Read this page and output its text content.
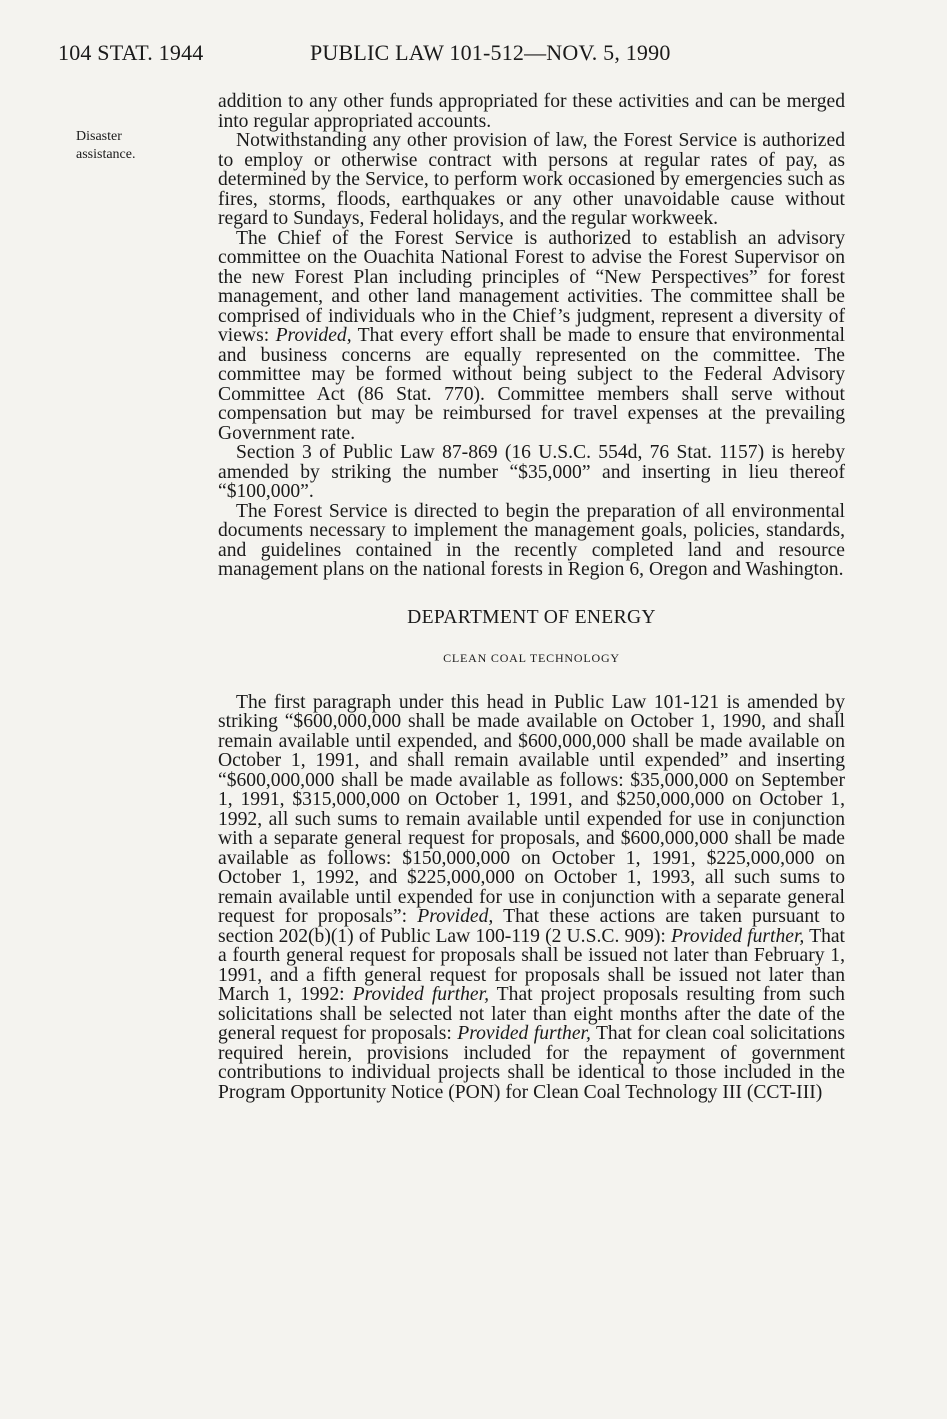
104 STAT. 1944	PUBLIC LAW 101-512—NOV. 5, 1990
Disaster
assistance.

addition to any other funds appropriated for these activities and can be merged into regular appropriated accounts.

Notwithstanding any other provision of law, the Forest Service is authorized to employ or otherwise contract with persons at regular rates of pay, as determined by the Service, to perform work occasioned by emergencies such as fires, storms, floods, earthquakes or any other unavoidable cause without regard to Sundays, Federal holidays, and the regular workweek.

The Chief of the Forest Service is authorized to establish an advisory committee on the Ouachita National Forest to advise the Forest Supervisor on the new Forest Plan including principles of “New Perspectives” for forest management, and other land management activities. The committee shall be comprised of individuals who in the Chief’s judgment, represent a diversity of views: Provided, That every effort shall be made to ensure that environmental and business concerns are equally represented on the committee. The committee may be formed without being subject to the Federal Advisory Committee Act (86 Stat. 770). Committee members shall serve without compensation but may be reimbursed for travel expenses at the prevailing Government rate.

Section 3 of Public Law 87-869 (16 U.S.C. 554d, 76 Stat. 1157) is hereby amended by striking the number “$35,000” and inserting in lieu thereof “$100,000”.

The Forest Service is directed to begin the preparation of all environmental documents necessary to implement the management goals, policies, standards, and guidelines contained in the recently completed land and resource management plans on the national forests in Region 6, Oregon and Washington.

DEPARTMENT OF ENERGY
CLEAN COAL TECHNOLOGY

The first paragraph under this head in Public Law 101-121 is amended by striking “$600,000,000 shall be made available on October 1, 1990, and shall remain available until expended, and $600,000,000 shall be made available on October 1, 1991, and shall remain available until expended” and inserting “$600,000,000 shall be made available as follows: $35,000,000 on September 1, 1991, $315,000,000 on October 1, 1991, and $250,000,000 on October 1, 1992, all such sums to remain available until expended for use in conjunction with a separate general request for proposals, and $600,000,000 shall be made available as follows: $150,000,000 on October 1, 1991, $225,000,000 on October 1, 1992, and $225,000,000 on October 1, 1993, all such sums to remain available until expended for use in conjunction with a separate general request for proposals”: Provided, That these actions are taken pursuant to section 202(b)(1) of Public Law 100-119 (2 U.S.C. 909): Provided further, That a fourth general request for proposals shall be issued not later than February 1, 1991, and a fifth general request for proposals shall be issued not later than March 1, 1992: Provided further, That project proposals resulting from such solicitations shall be selected not later than eight months after the date of the general request for proposals: Provided further, That for clean coal solicitations required herein, provisions included for the repayment of government contributions to individual projects shall be identical to those included in the Program Opportunity Notice (PON) for Clean Coal Technology III (CCT-III)
